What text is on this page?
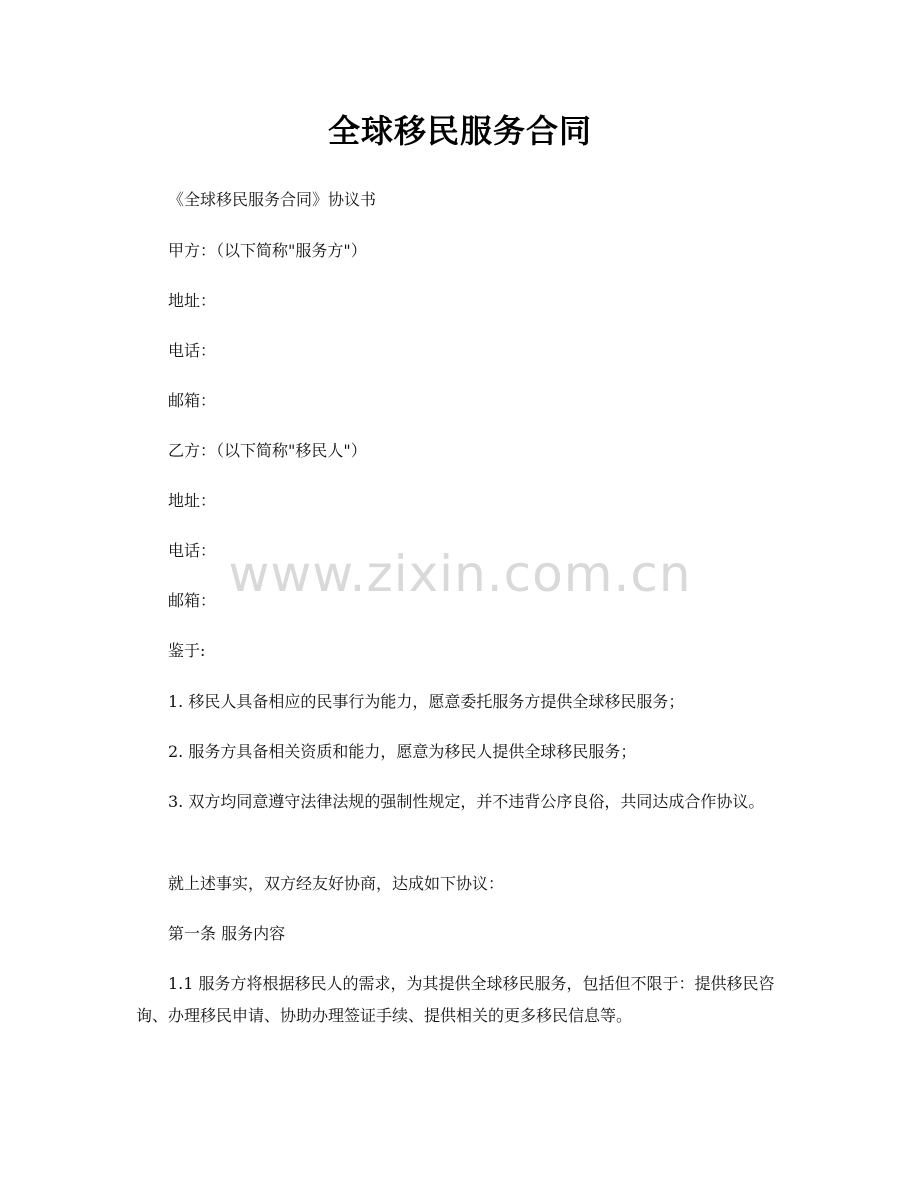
全球移民服务合同
《全球移民服务合同》协议书
甲方：（以下简称"服务方"）
地址：
电话：
邮箱：
乙方：（以下简称"移民人"）
地址：
电话：
邮箱：
鉴于:
1. 移民人具备相应的民事行为能力，愿意委托服务方提供全球移民服务；
2. 服务方具备相关资质和能力，愿意为移民人提供全球移民服务；
3. 双方均同意遵守法律法规的强制性规定，并不违背公序良俗，共同达成合作协议。
就上述事实，双方经友好协商，达成如下协议：
第一条 服务内容
1.1 服务方将根据移民人的需求，为其提供全球移民服务，包括但不限于：提供移民咨询、办理移民申请、协助办理签证手续、提供相关的更多移民信息等。
www.zixin.com.cn
